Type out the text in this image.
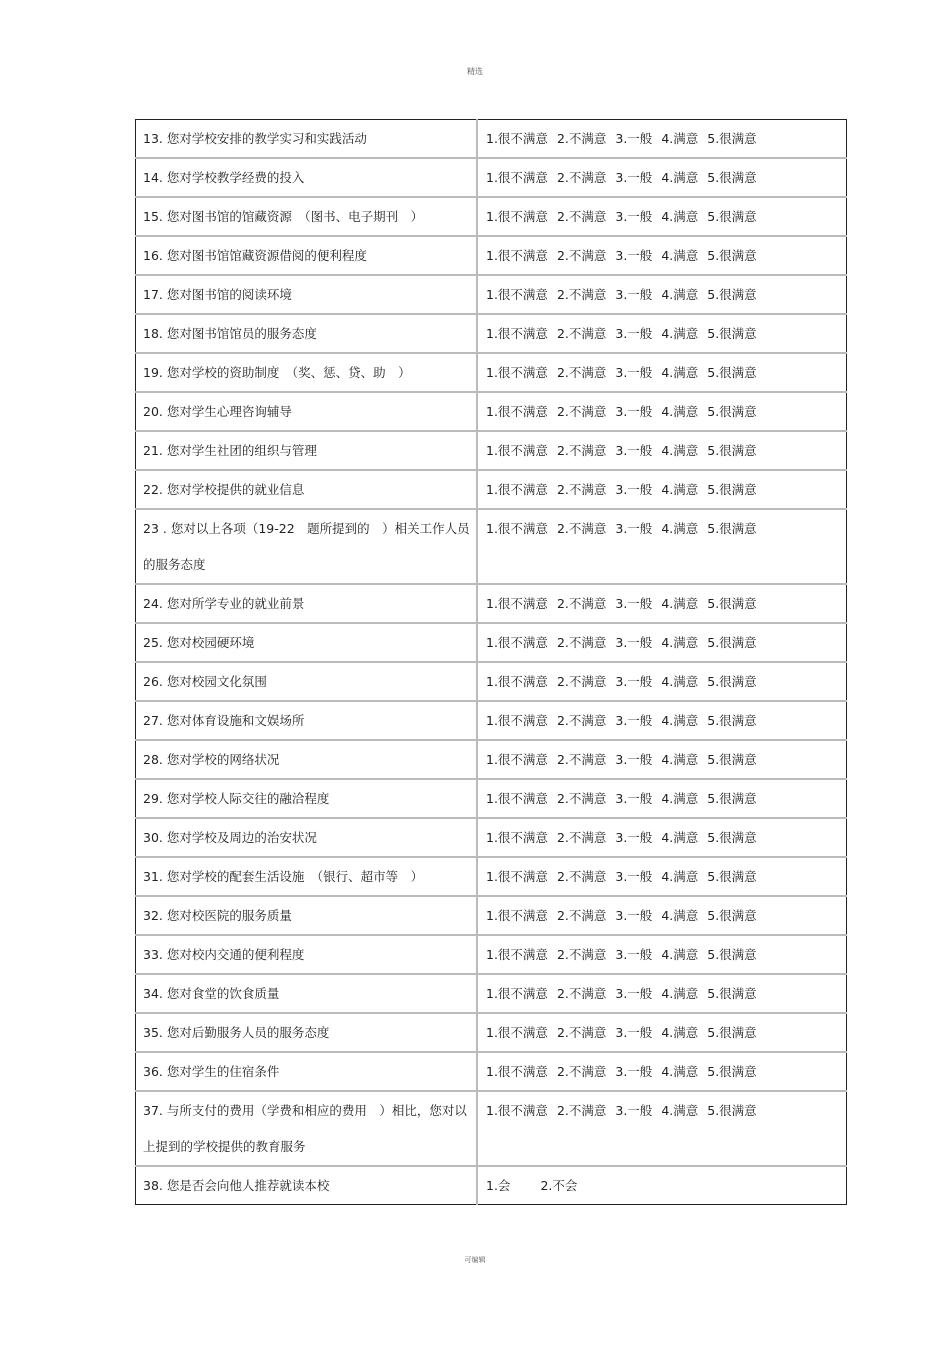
精选
13. 您对学校安排的教学实习和实践活动	1.很不满意 2.不满意 3.一般 4.满意 5.很满意
14. 您对学校教学经费的投入	1.很不满意 2.不满意 3.一般 4.满意 5.很满意
15. 您对图书馆的馆藏资源　（图书、电子期刊　）	1.很不满意 2.不满意 3.一般 4.满意 5.很满意
16. 您对图书馆馆藏资源借阅的便利程度	1.很不满意 2.不满意 3.一般 4.满意 5.很满意
17. 您对图书馆的阅读环境	1.很不满意 2.不满意 3.一般 4.满意 5.很满意
18. 您对图书馆馆员的服务态度	1.很不满意 2.不满意 3.一般 4.满意 5.很满意
19. 您对学校的资助制度　（奖、惩、贷、助　）	1.很不满意 2.不满意 3.一般 4.满意 5.很满意
20. 您对学生心理咨询辅导	1.很不满意 2.不满意 3.一般 4.满意 5.很满意
21. 您对学生社团的组织与管理	1.很不满意 2.不满意 3.一般 4.满意 5.很满意
22. 您对学校提供的就业信息	1.很不满意 2.不满意 3.一般 4.满意 5.很满意
23 . 您对以上各项（19-22　题所提到的　）相关工作人员的服务态度	1.很不满意 2.不满意 3.一般 4.满意 5.很满意
24. 您对所学专业的就业前景	1.很不满意 2.不满意 3.一般 4.满意 5.很满意
25. 您对校园硬环境	1.很不满意 2.不满意 3.一般 4.满意 5.很满意
26. 您对校园文化氛围	1.很不满意 2.不满意 3.一般 4.满意 5.很满意
27. 您对体育设施和文娱场所	1.很不满意 2.不满意 3.一般 4.满意 5.很满意
28. 您对学校的网络状况	1.很不满意 2.不满意 3.一般 4.满意 5.很满意
29. 您对学校人际交往的融洽程度	1.很不满意 2.不满意 3.一般 4.满意 5.很满意
30. 您对学校及周边的治安状况	1.很不满意 2.不满意 3.一般 4.满意 5.很满意
31. 您对学校的配套生活设施　（银行、超市等　）	1.很不满意 2.不满意 3.一般 4.满意 5.很满意
32. 您对校医院的服务质量	1.很不满意 2.不满意 3.一般 4.满意 5.很满意
33. 您对校内交通的便利程度	1.很不满意 2.不满意 3.一般 4.满意 5.很满意
34. 您对食堂的饮食质量	1.很不满意 2.不满意 3.一般 4.满意 5.很满意
35. 您对后勤服务人员的服务态度	1.很不满意 2.不满意 3.一般 4.满意 5.很满意
36. 您对学生的住宿条件	1.很不满意 2.不满意 3.一般 4.满意 5.很满意
37. 与所支付的费用（学费和相应的费用　）相比，您对以上提到的学校提供的教育服务	1.很不满意 2.不满意 3.一般 4.满意 5.很满意
38. 您是否会向他人推荐就读本校	1.会 2.不会
可编辑
